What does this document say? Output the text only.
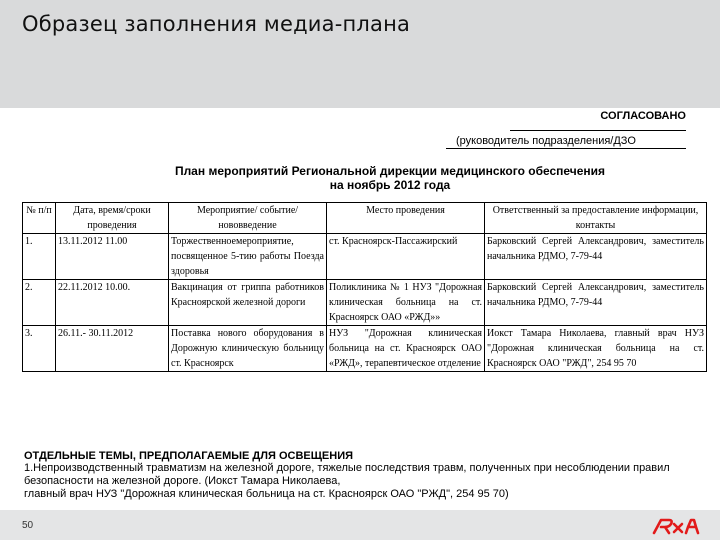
Образец заполнения медиа-плана
СОГЛАСОВАНО
(руководитель подразделения/ДЗО
План мероприятий Региональной дирекции медицинского обеспечения
на ноябрь 2012 года
№ п/п	Дата, время/сроки проведения	Мероприятие/ событие/ нововведение	Место проведения	Ответственный за предоставление информации, контакты
1.	13.11.2012 11.00	Торжественноемероприятие, посвященное 5-тию работы Поезда здоровья	ст. Красноярск-Пассажирский	Барковский Сергей Александрович, заместитель начальника РДМО, 7-79-44
2.	22.11.2012 10.00.	Вакцинация от гриппа работников Красноярской железной дороги	Поликлиника № 1 НУЗ "Дорожная клиническая больница на ст. Красноярск ОАО «РЖД»»	Барковский Сергей Александрович, заместитель начальника РДМО, 7-79-44
3.	26.11.- 30.11.2012	Поставка нового оборудования в Дорожную клиническую больницу ст. Красноярск	НУЗ "Дорожная клиническая больница на ст. Красноярск ОАО «РЖД», терапевтическое отделение	Иокст Тамара Николаева, главный врач НУЗ "Дорожная клиническая больница на ст. Красноярск ОАО "РЖД", 254 95 70
ОТДЕЛЬНЫЕ ТЕМЫ, ПРЕДПОЛАГАЕМЫЕ ДЛЯ ОСВЕЩЕНИЯ
1.Непроизводственный травматизм на железной дороге, тяжелые последствия травм, полученных при несоблюдении правил безопасности на железной дороге. (Иокст Тамара Николаева,
главный врач НУЗ "Дорожная клиническая больница на ст. Красноярск ОАО "РЖД", 254 95 70)
50
